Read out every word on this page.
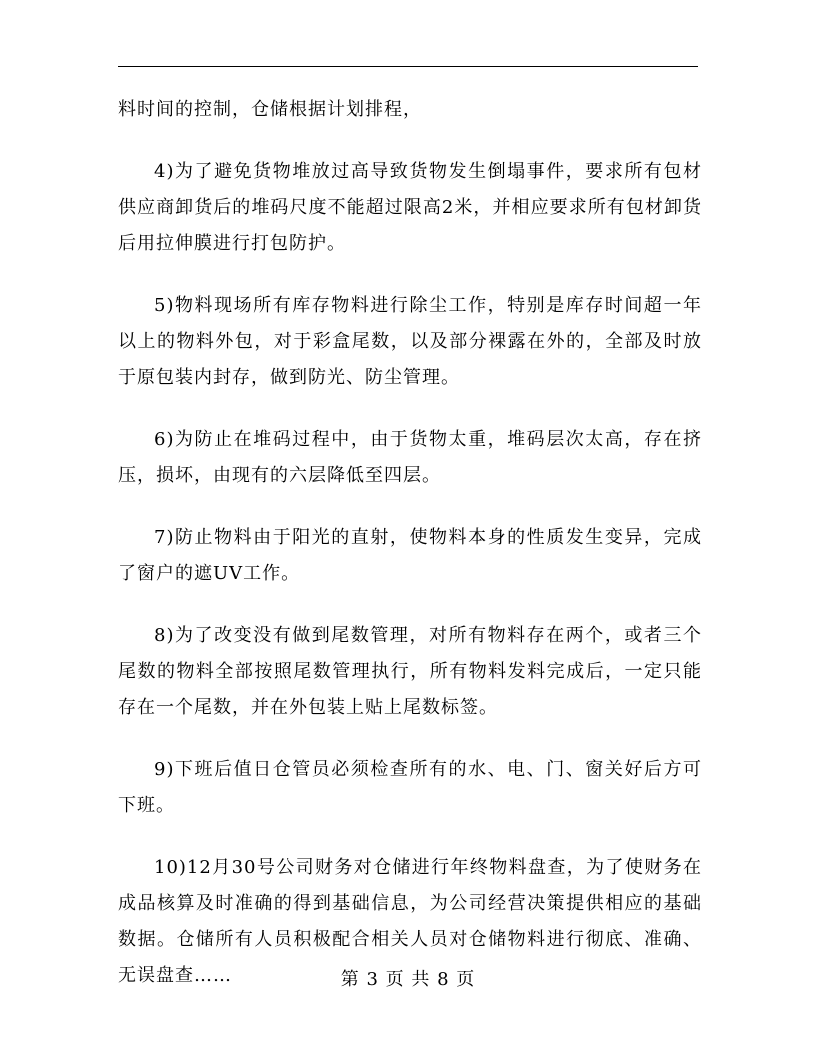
料时间的控制，仓储根据计划排程，

4)为了避免货物堆放过高导致货物发生倒塌事件，要求所有包材供应商卸货后的堆码尺度不能超过限高2米，并相应要求所有包材卸货后用拉伸膜进行打包防护。

5)物料现场所有库存物料进行除尘工作，特别是库存时间超一年以上的物料外包，对于彩盒尾数，以及部分裸露在外的，全部及时放于原包装内封存，做到防光、防尘管理。

6)为防止在堆码过程中，由于货物太重，堆码层次太高，存在挤压，损坏，由现有的六层降低至四层。

7)防止物料由于阳光的直射，使物料本身的性质发生变异，完成了窗户的遮UV工作。

8)为了改变没有做到尾数管理，对所有物料存在两个，或者三个尾数的物料全部按照尾数管理执行，所有物料发料完成后，一定只能存在一个尾数，并在外包装上贴上尾数标签。

9)下班后值日仓管员必须检查所有的水、电、门、窗关好后方可下班。

10)12月30号公司财务对仓储进行年终物料盘查，为了使财务在成品核算及时准确的得到基础信息，为公司经营决策提供相应的基础数据。仓储所有人员积极配合相关人员对仓储物料进行彻底、准确、无误盘查……	第 3 页 共 8 页
